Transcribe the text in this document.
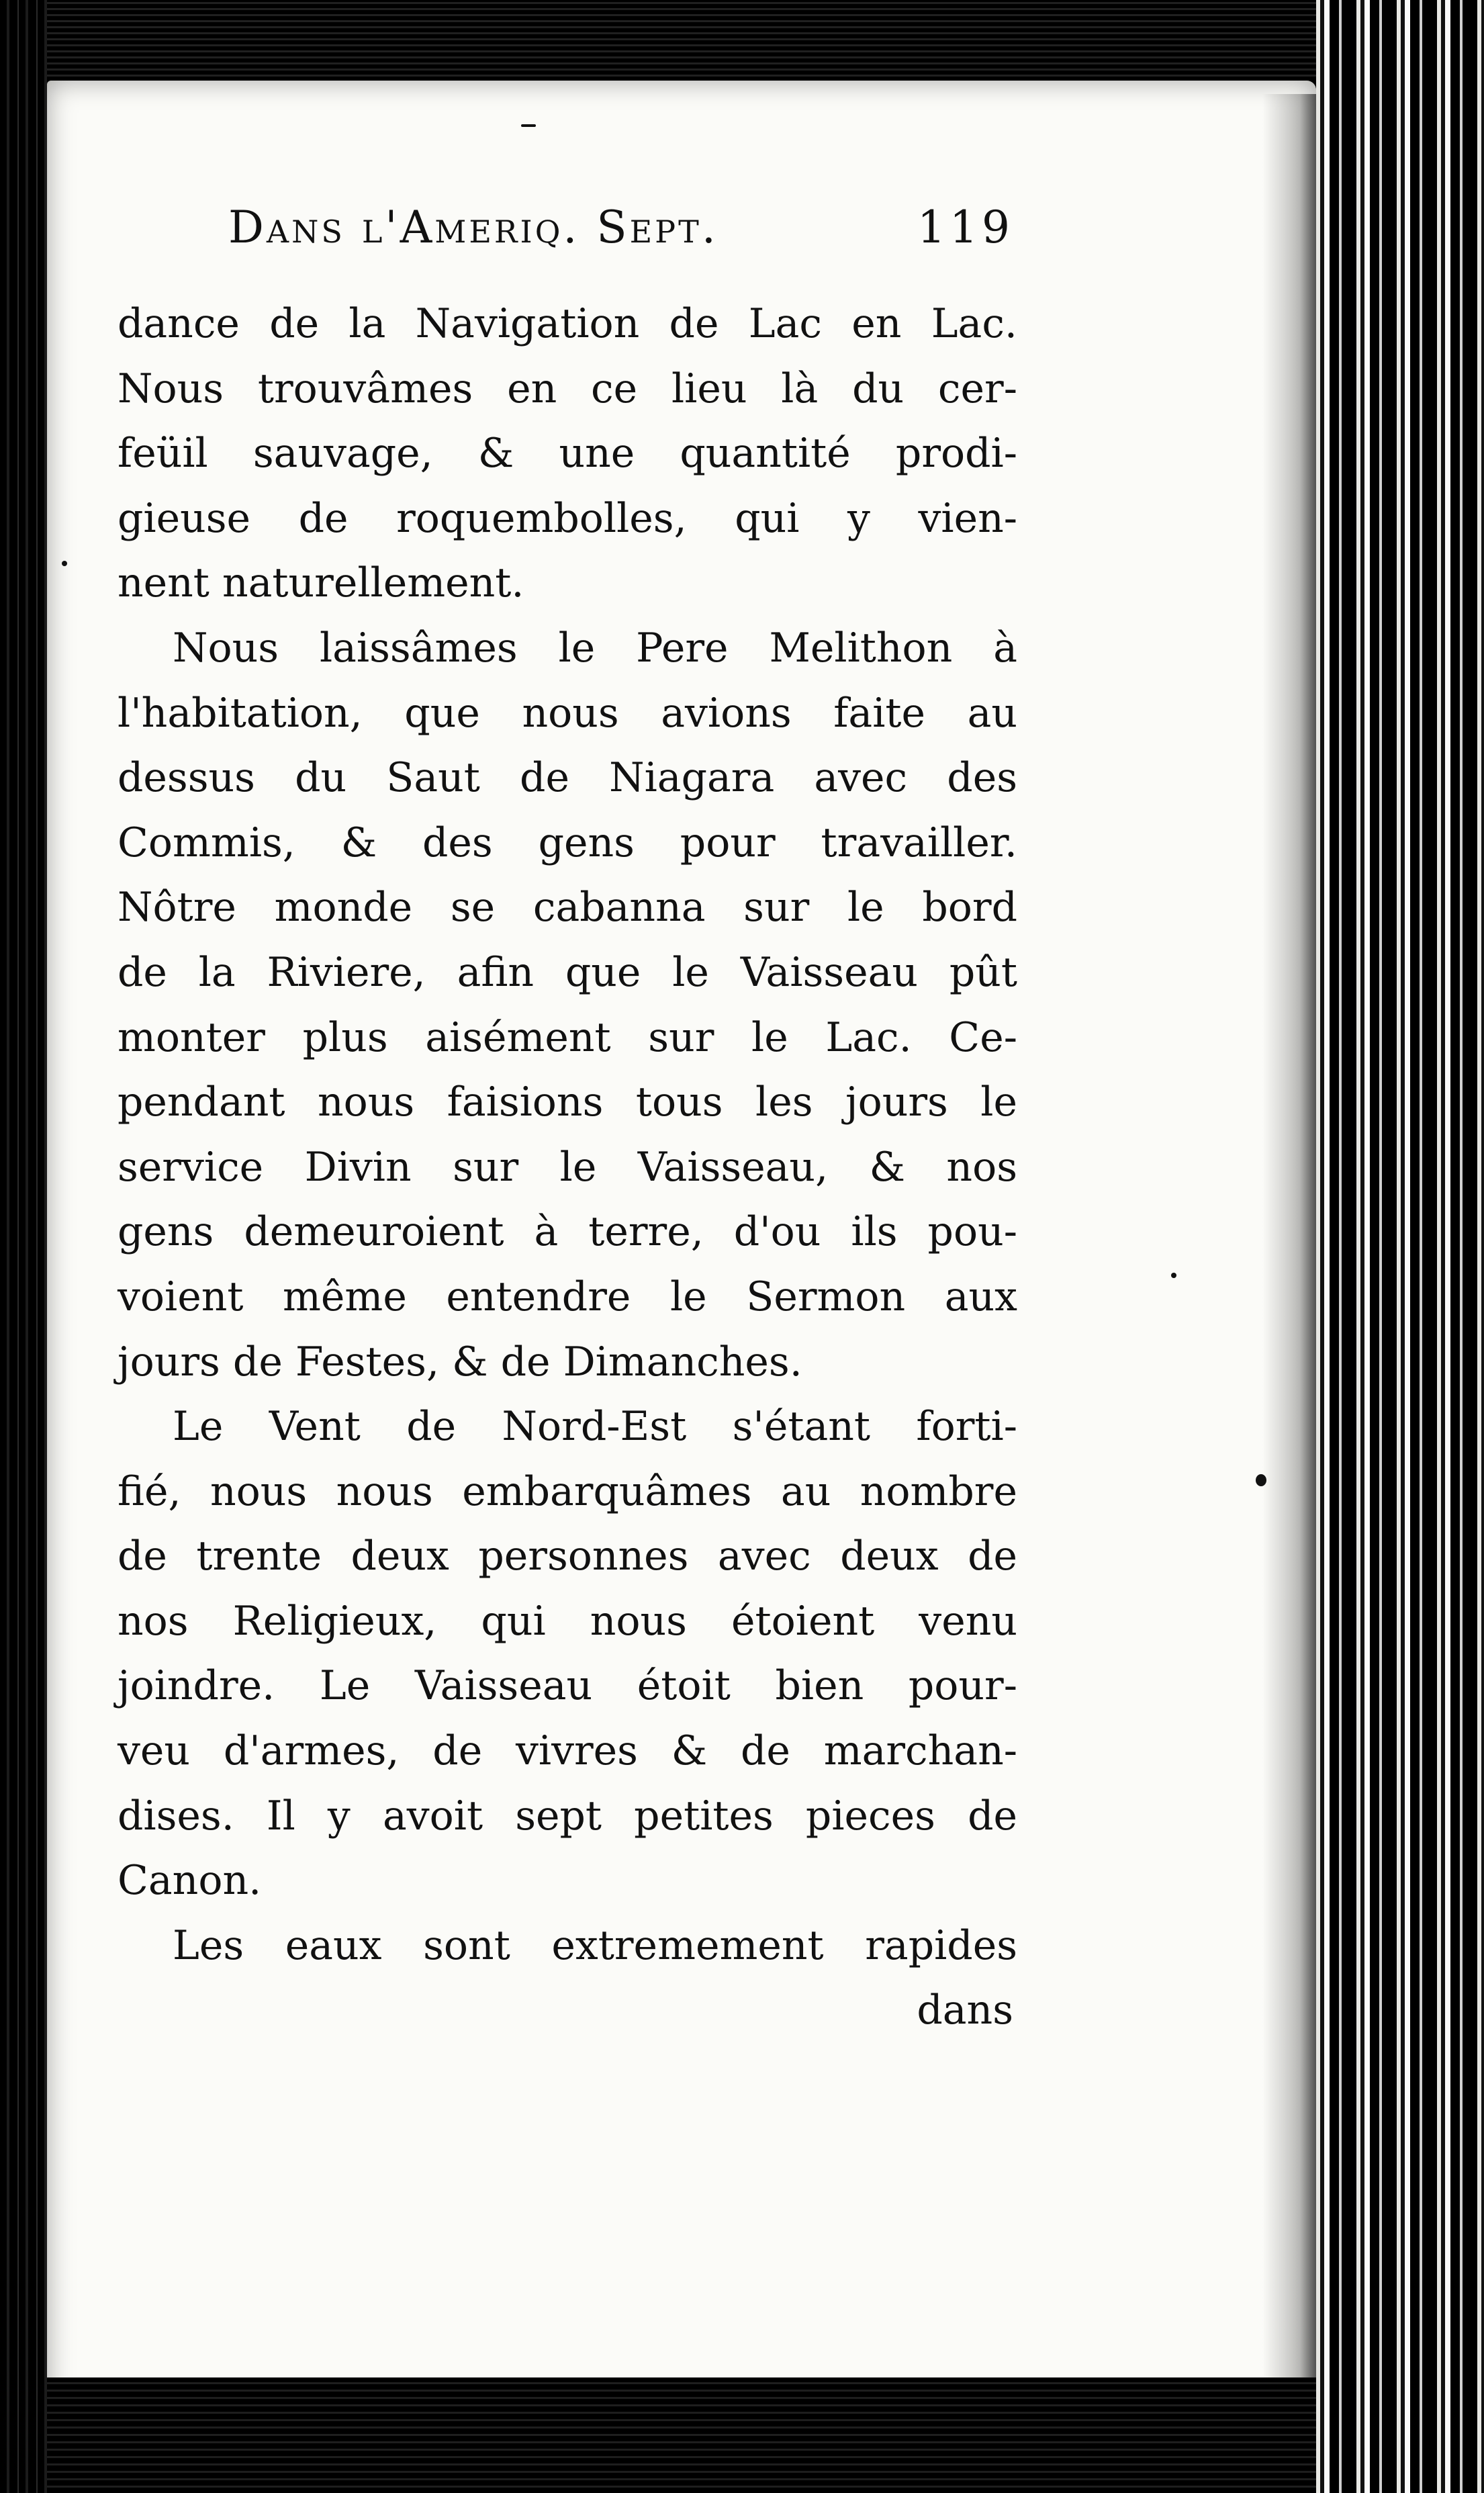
Dans l'Ameriq. Sept.	119
dance de la Navigation de Lac en Lac.
Nous trouvâmes en ce lieu là du cer-
feüil sauvage, & une quantité prodi-
gieuse de roquembolles, qui y vien-
nent naturellement.
Nous laissâmes le Pere Melithon à
l'habitation, que nous avions faite au
dessus du Saut de Niagara avec des
Commis, & des gens pour travailler.
Nôtre monde se cabanna sur le bord
de la Riviere, afin que le Vaisseau pût
monter plus aisément sur le Lac. Ce-
pendant nous faisions tous les jours le
service Divin sur le Vaisseau, & nos
gens demeuroient à terre, d'ou ils pou-
voient même entendre le Sermon aux
jours de Festes, & de Dimanches.
Le Vent de Nord-Est s'étant forti-
fié, nous nous embarquâmes au nombre
de trente deux personnes avec deux de
nos Religieux, qui nous étoient venu
joindre. Le Vaisseau étoit bien pour-
veu d'armes, de vivres & de marchan-
dises. Il y avoit sept petites pieces de
Canon.
Les eaux sont extremement rapides
dans
